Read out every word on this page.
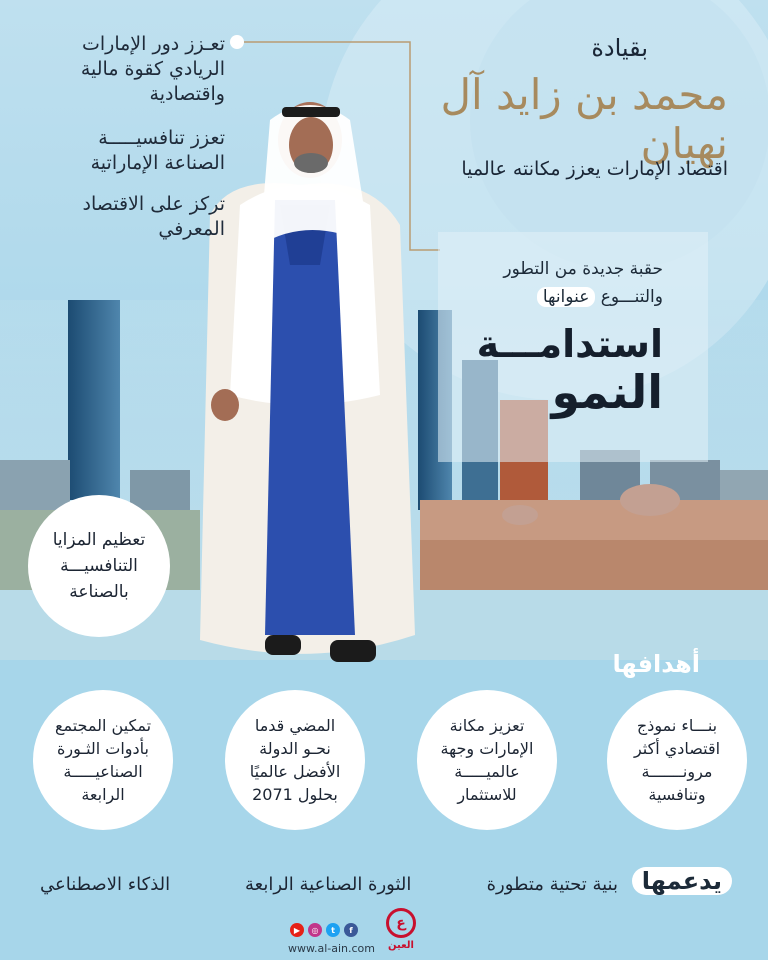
بقيادة
محمد بن زايد آل نهيان
اقتصاد الإمارات يعزز مكانته عالميا
تعـزز دور الإمارات الريادي كقوة مالية واقتصادية
تعزز تنافسيـــــة الصناعة الإماراتية
تركز على الاقتصاد المعرفي
حقبة جديدة من التطور
والتنـــوع عنوانها
استدامـــة
النمو
تعظيم المزايا التنافسيـــة بالصناعة
أهدافها
بنـــاء نموذج اقتصادي أكثر مرونـــــــة وتنافسية
تعزيز مكانة الإمارات وجهة عالميـــــة للاستثمار
المضي قدما نحـو الدولة الأفضل عالميًا بحلول 2071
تمكين المجتمع بأدوات الثـورة الصناعيـــــة الرابعة
يدعمها
بنية تحتية متطورة
الثورة الصناعية الرابعة
الذكاء الاصطناعي
▶	◎	t	f
www.al-ain.com
ع
العين
